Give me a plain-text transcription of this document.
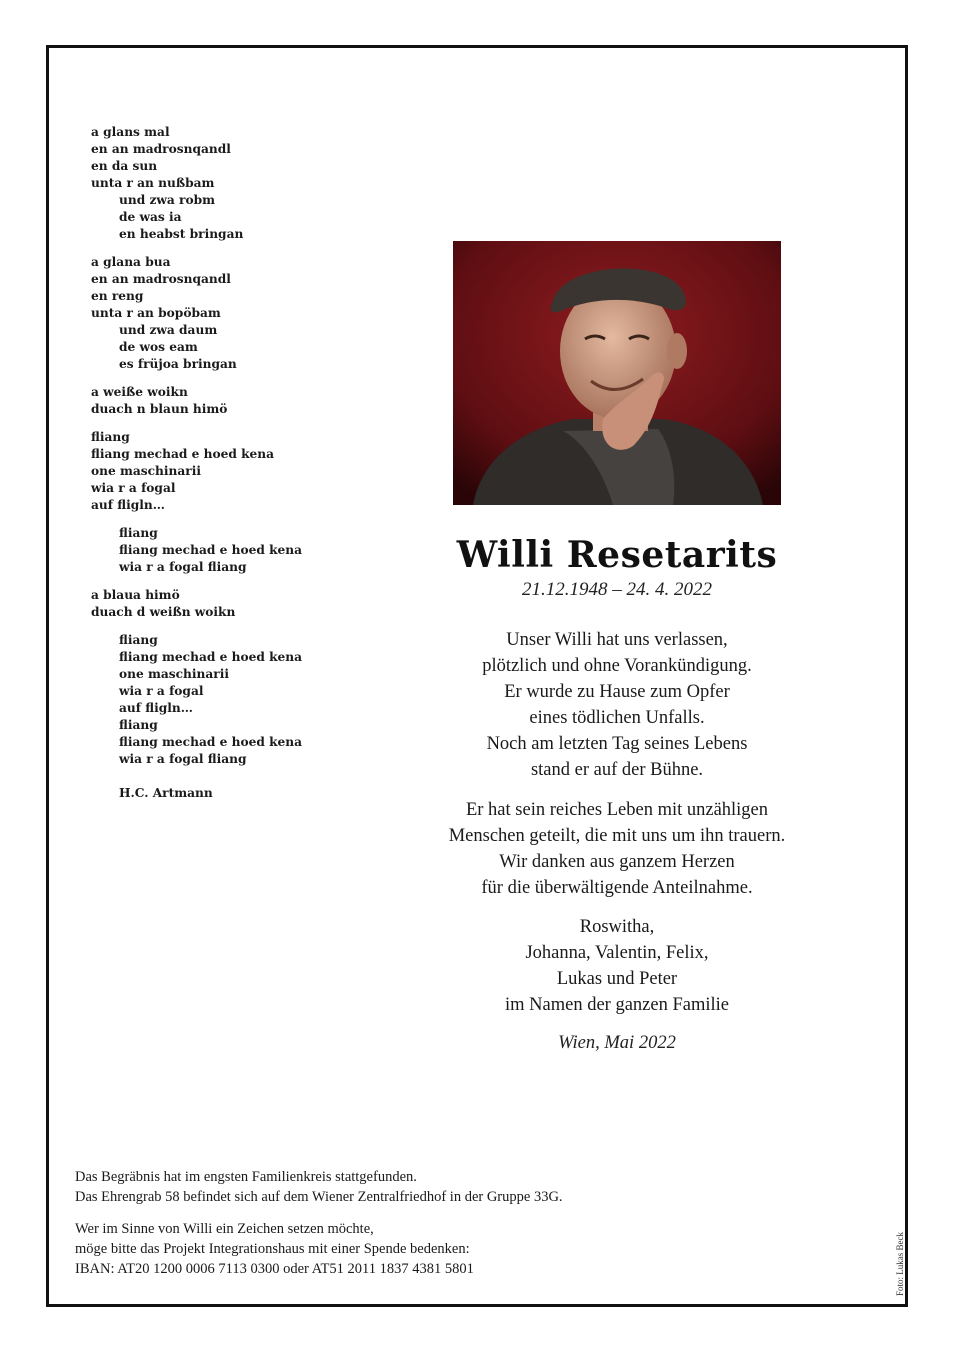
a glans mal
en an madrosnqandl
en da sun
unta r an nußbam
und zwa robm
de was ia
en heabst bringan
a glana bua
en an madrosnqandl
en reng
unta r an bopöbam
und zwa daum
de wos eam
es früjoa bringan
a weiße woikn
duach n blaun himö
fliang
fliang mechad e hoed kena
one maschinarii
wia r a fogal
auf fligln…
fliang
fliang mechad e hoed kena
wia r a fogal fliang
a blaua himö
duach d weißn woikn
fliang
fliang mechad e hoed kena
one maschinarii
wia r a fogal
auf fligln…
fliang
fliang mechad e hoed kena
wia r a fogal fliang
H.C. Artmann
Willi Resetarits
21.12.1948 – 24. 4. 2022
Unser Willi hat uns verlassen,
plötzlich und ohne Vorankündigung.
Er wurde zu Hause zum Opfer
eines tödlichen Unfalls.
Noch am letzten Tag seines Lebens
stand er auf der Bühne.
Er hat sein reiches Leben mit unzähligen
Menschen geteilt, die mit uns um ihn trauern.
Wir danken aus ganzem Herzen
für die überwältigende Anteilnahme.
Roswitha,
Johanna, Valentin, Felix,
Lukas und Peter
im Namen der ganzen Familie
Wien, Mai 2022
Das Begräbnis hat im engsten Familienkreis stattgefunden.
Das Ehrengrab 58 befindet sich auf dem Wiener Zentralfriedhof in der Gruppe 33G.
Wer im Sinne von Willi ein Zeichen setzen möchte,
möge bitte das Projekt Integrationshaus mit einer Spende bedenken:
IBAN: AT20 1200 0006 7113 0300 oder AT51 2011 1837 4381 5801	Foto: Lukas Beck
